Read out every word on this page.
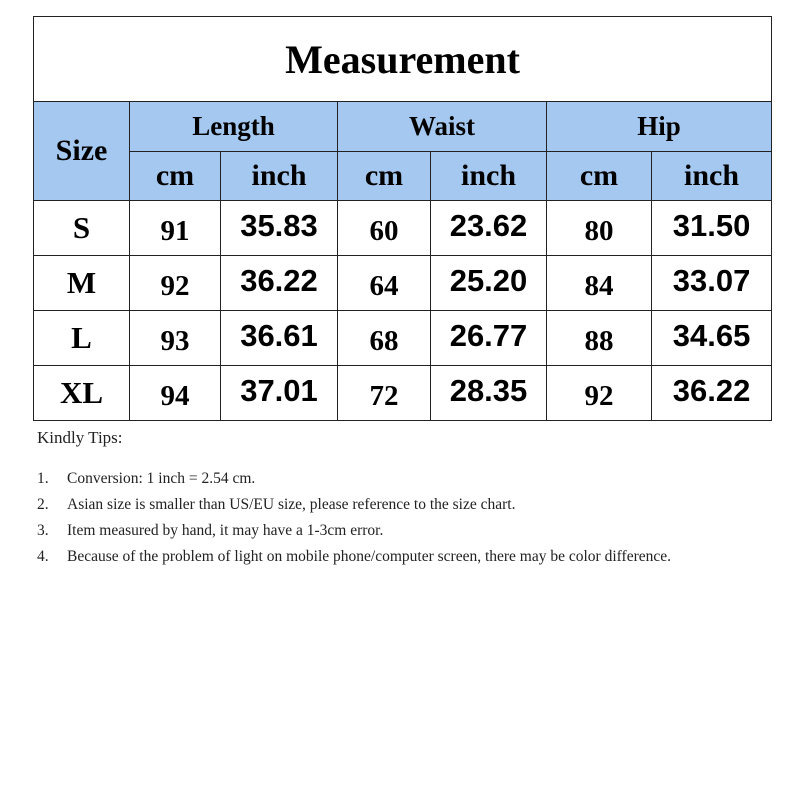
Measurement						
Size	Length		Waist		Hip	
	cm	inch	cm	inch	cm	inch
S	91	35.83	60	23.62	80	31.50
M	92	36.22	64	25.20	84	33.07
L	93	36.61	68	26.77	88	34.65
XL	94	37.01	72	28.35	92	36.22

Kindly Tips:

1.	Conversion: 1 inch = 2.54 cm.
2.	Asian size is smaller than US/EU size, please reference to the size chart.
3.	Item measured by hand, it may have a 1-3cm error.
4.	Because of the problem of light on mobile phone/computer screen, there may be color difference.
